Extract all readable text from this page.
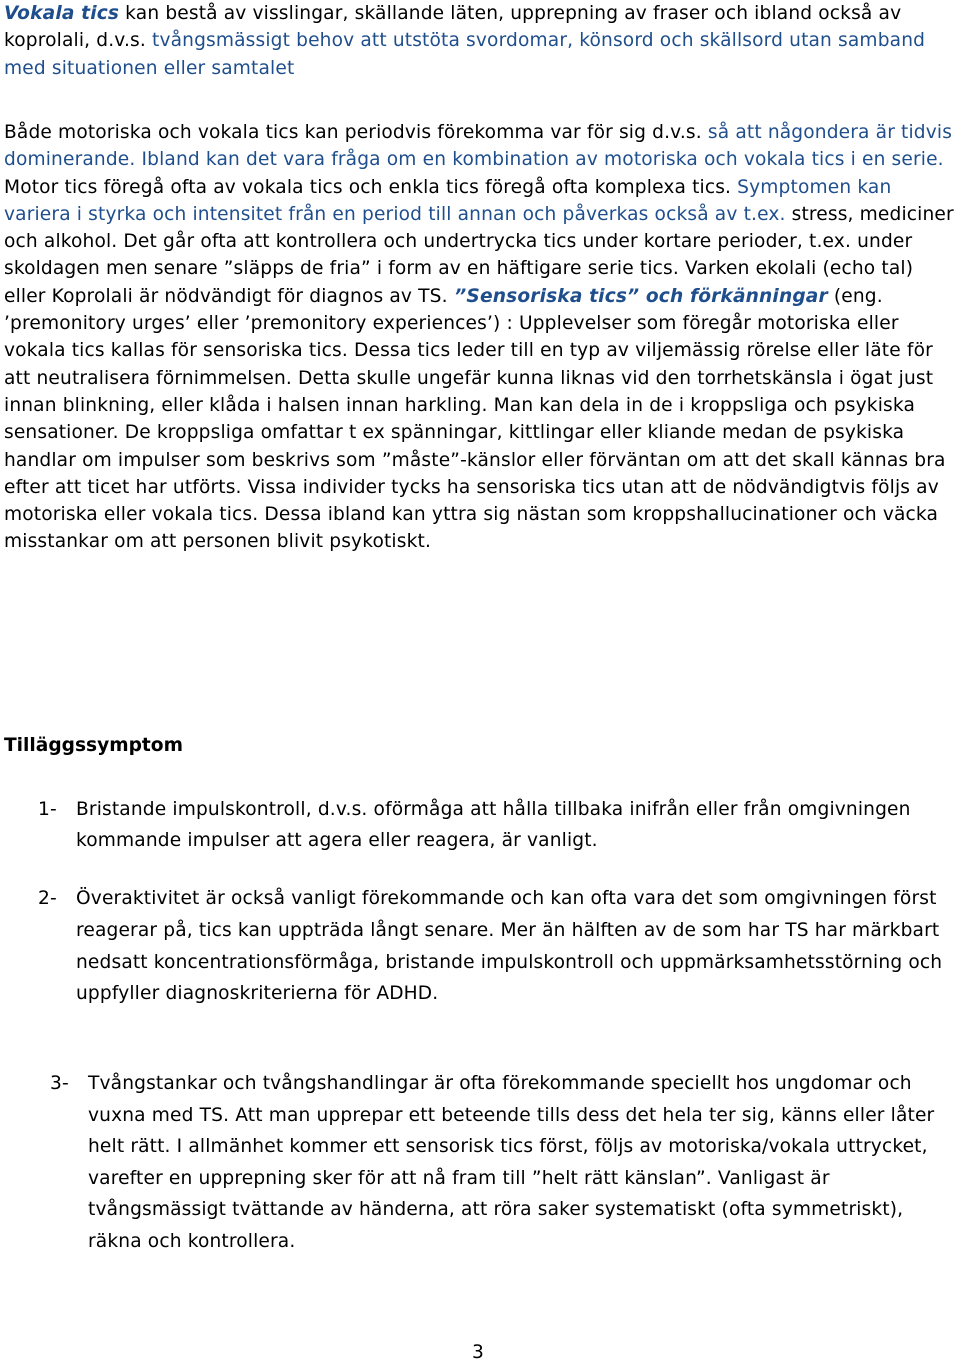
Vokala tics kan bestå av visslingar, skällande läten, upprepning av fraser och ibland också av koprolali, d.v.s. tvångsmässigt behov att utstöta svordomar, könsord och skällsord utan samband med situationen eller samtalet

Både motoriska och vokala tics kan periodvis förekomma var för sig d.v.s. så att någondera är tidvis dominerande. Ibland kan det vara fråga om en kombination av motoriska och vokala tics i en serie. Motor tics föregå ofta av vokala tics och enkla tics föregå ofta komplexa tics. Symptomen kan variera i styrka och intensitet från en period till annan och påverkas också av t.ex. stress, mediciner och alkohol. Det går ofta att kontrollera och undertrycka tics under kortare perioder, t.ex. under skoldagen men senare ”släpps de fria” i form av en häftigare serie tics. Varken ekolali (echo tal) eller Koprolali är nödvändigt för diagnos av TS. ”Sensoriska tics” och förkänningar (eng. ’premonitory urges’ eller ’premonitory experiences’) : Upplevelser som föregår motoriska eller vokala tics kallas för sensoriska tics. Dessa tics leder till en typ av viljemässig rörelse eller läte för att neutralisera förnimmelsen. Detta skulle ungefär kunna liknas vid den torrhetskänsla i ögat just innan blinkning, eller klåda i halsen innan harkling. Man kan dela in de i kroppsliga och psykiska sensationer. De kroppsliga omfattar t ex spänningar, kittlingar eller kliande medan de psykiska handlar om impulser som beskrivs som ”måste”-känslor eller förväntan om att det skall kännas bra efter att ticet har utförts. Vissa individer tycks ha sensoriska tics utan att de nödvändigtvis följs av motoriska eller vokala tics. Dessa ibland kan yttra sig nästan som kroppshallucinationer och väcka misstankar om att personen blivit psykotiskt.

Tilläggssymptom
1- Bristande impulskontroll, d.v.s. oförmåga att hålla tillbaka inifrån eller från omgivningen kommande impulser att agera eller reagera, är vanligt.
2- Överaktivitet är också vanligt förekommande och kan ofta vara det som omgivningen först reagerar på, tics kan uppträda långt senare. Mer än hälften av de som har TS har märkbart nedsatt koncentrationsförmåga, bristande impulskontroll och uppmärksamhetsstörning och uppfyller diagnoskriterierna för ADHD.
3- Tvångstankar och tvångshandlingar är ofta förekommande speciellt hos ungdomar och vuxna med TS. Att man upprepar ett beteende tills dess det hela ter sig, känns eller låter helt rätt. I allmänhet kommer ett sensorisk tics först, följs av motoriska/vokala uttrycket, varefter en upprepning sker för att nå fram till ”helt rätt känslan”. Vanligast är tvångsmässigt tvättande av händerna, att röra saker systematiskt (ofta symmetriskt), räkna och kontrollera.
3
